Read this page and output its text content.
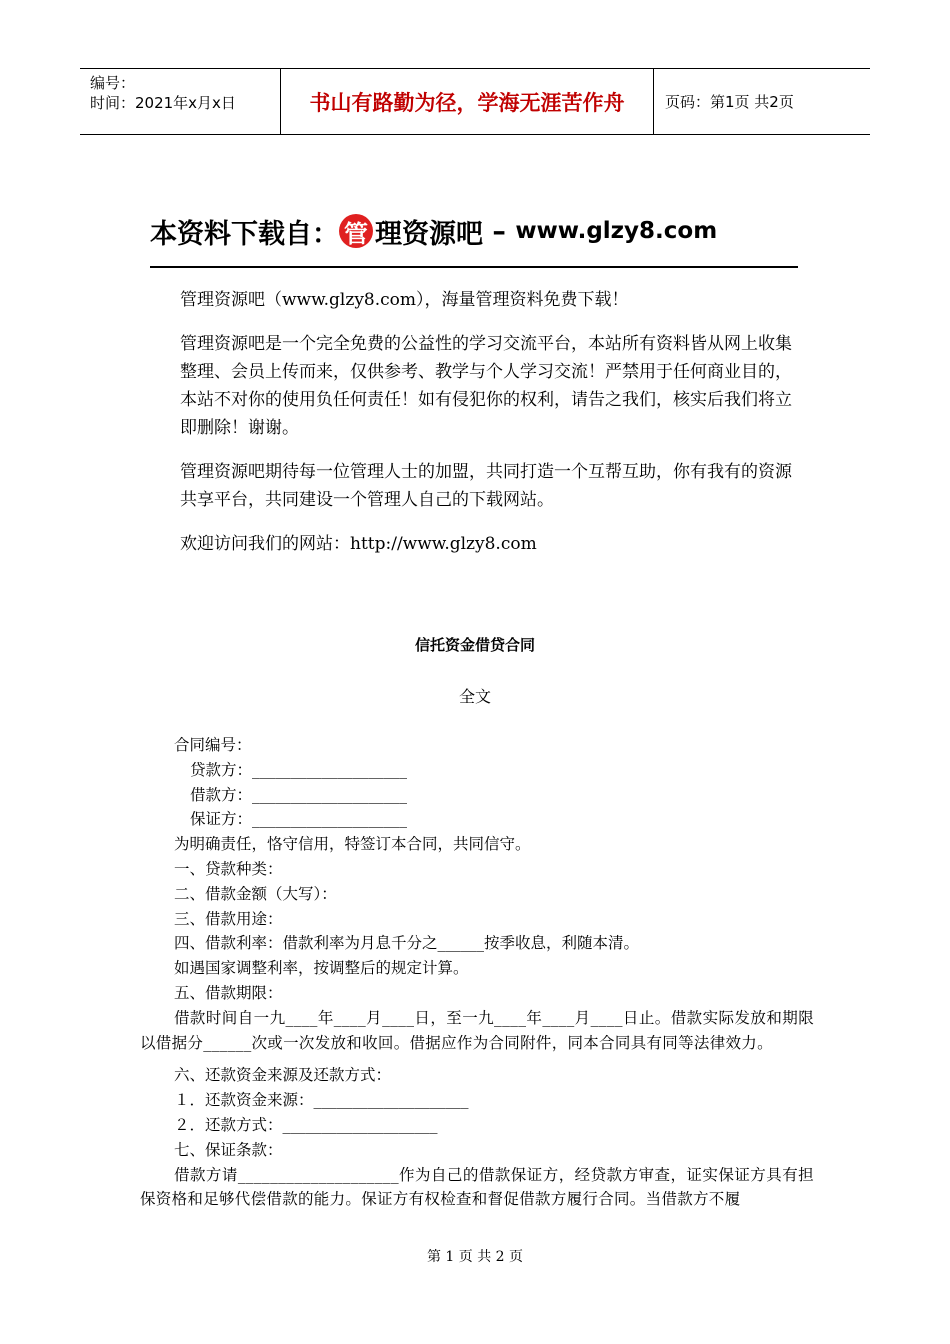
编号：
时间：2021年x月x日	书山有路勤为径，学海无涯苦作舟	页码：第1页 共2页
本资料下载自： 管 理资源吧 – www.glzy8.com

管理资源吧（www.glzy8.com），海量管理资料免费下载！

管理资源吧是一个完全免费的公益性的学习交流平台，本站所有资料皆从网上收集整理、会员上传而来，仅供参考、教学与个人学习交流！严禁用于任何商业目的，本站不对你的使用负任何责任！如有侵犯你的权利，请告之我们，核实后我们将立即删除！谢谢。

管理资源吧期待每一位管理人士的加盟，共同打造一个互帮互助，你有我有的资源共享平台，共同建设一个管理人自己的下载网站。

欢迎访问我们的网站：http://www.glzy8.com

信托资金借贷合同
全文
合同编号：
贷款方：____________________
借款方：____________________
保证方：____________________
为明确责任，恪守信用，特签订本合同，共同信守。
一、贷款种类：
二、借款金额（大写）：
三、借款用途：
四、借款利率：借款利率为月息千分之______按季收息，利随本清。
如遇国家调整利率，按调整后的规定计算。
五、借款期限：
借款时间自一九____年____月____日，至一九____年____月____日止。借款实际发放和期限以借据分______次或一次发放和收回。借据应作为合同附件，同本合同具有同等法律效力。
六、还款资金来源及还款方式：
１．还款资金来源：____________________
２．还款方式：____________________
七、保证条款：
借款方请____________________作为自己的借款保证方，经贷款方审查，证实保证方具有担保资格和足够代偿借款的能力。保证方有权检查和督促借款方履行合同。当借款方不履
第 1 页 共 2 页
